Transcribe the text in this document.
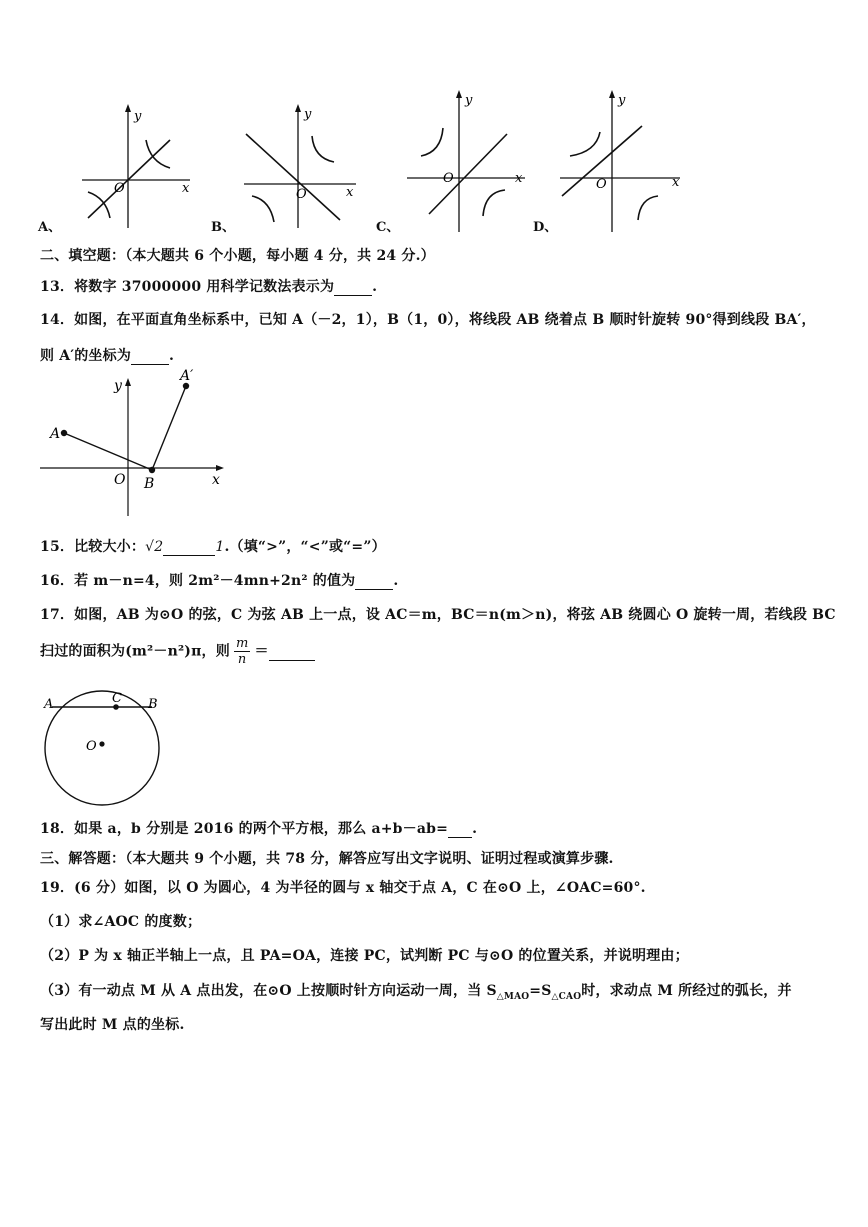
y
x
O
A、
y
x
O
B、
y
x
O
C、
y
x
O
D、
二、填空题：（本大题共 6 个小题，每小题 4 分，共 24 分.）
13．将数字 37000000 用科学记数法表示为	.
14．如图，在平面直角坐标系中，已知 A（－2，1），B（1，0），将线段 AB 绕着点 B 顺时针旋转 90°得到线段 BA′，
则 A′的坐标为	.
A
A′
B
O	x
y
15．比较大小：√2	1.（填“>”，“<”或“=”）
16．若 m－n=4，则 2m²－4mn+2n² 的值为	.
17．如图，AB 为⊙O 的弦，C 为弦 AB 上一点，设 AC＝m，BC＝n(m＞n)，将弦 AB 绕圆心 O 旋转一周，若线段 BC
扫过的面积为(m²－n²)π，则 $\frac{m}{n}$ ＝
A	B
C
O
18．如果 a，b 分别是 2016 的两个平方根，那么 a+b－ab= .
三、解答题：（本大题共 9 个小题，共 78 分，解答应写出文字说明、证明过程或演算步骤.
19．(6 分）如图，以 O 为圆心，4 为半径的圆与 x 轴交于点 A，C 在⊙O 上，∠OAC=60°.
（1）求∠AOC 的度数；
（2）P 为 x 轴正半轴上一点，且 PA=OA，连接 PC，试判断 PC 与⊙O 的位置关系，并说明理由；
（3）有一动点 M 从 A 点出发，在⊙O 上按顺时针方向运动一周，当 $S_{\triangle MAO}=S_{\triangle CAO}$时，求动点 M 所经过的弧长，并
写出此时 M 点的坐标.
